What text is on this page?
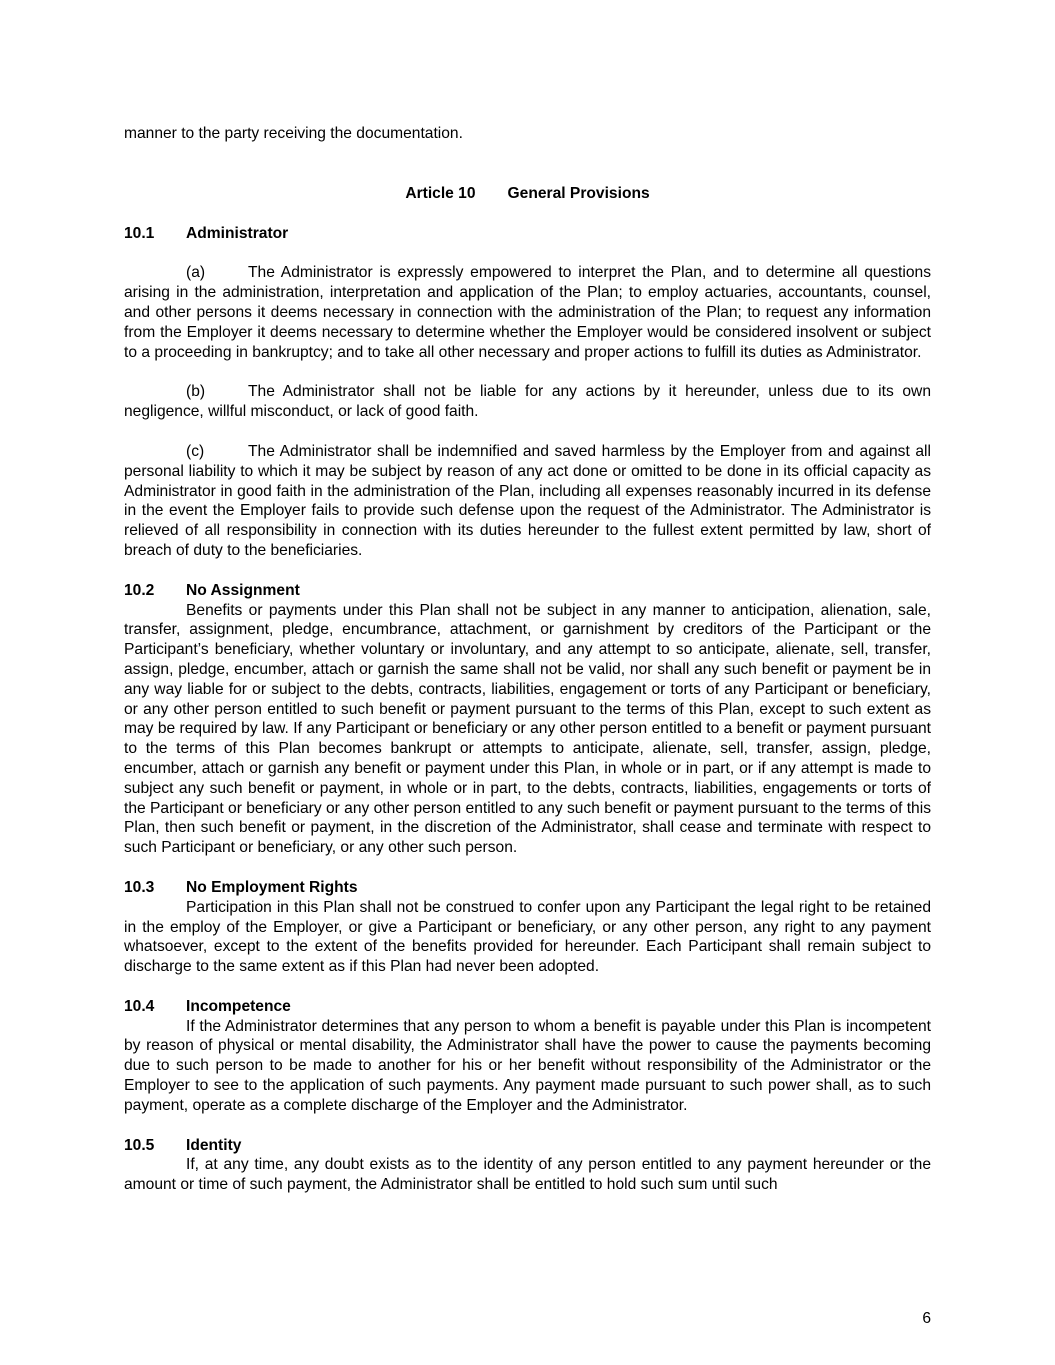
manner to the party receiving the documentation.

Article 10 General Provisions

10.1 Administrator

(a)	The Administrator is expressly empowered to interpret the Plan, and to determine all questions arising in the administration, interpretation and application of the Plan; to employ actuaries, accountants, counsel, and other persons it deems necessary in connection with the administration of the Plan; to request any information from the Employer it deems necessary to determine whether the Employer would be considered insolvent or subject to a proceeding in bankruptcy; and to take all other necessary and proper actions to fulfill its duties as Administrator.

(b)	The Administrator shall not be liable for any actions by it hereunder, unless due to its own negligence, willful misconduct, or lack of good faith.

(c)	The Administrator shall be indemnified and saved harmless by the Employer from and against all personal liability to which it may be subject by reason of any act done or omitted to be done in its official capacity as Administrator in good faith in the administration of the Plan, including all expenses reasonably incurred in its defense in the event the Employer fails to provide such defense upon the request of the Administrator. The Administrator is relieved of all responsibility in connection with its duties hereunder to the fullest extent permitted by law, short of breach of duty to the beneficiaries.

10.2 No Assignment

Benefits or payments under this Plan shall not be subject in any manner to anticipation, alienation, sale, transfer, assignment, pledge, encumbrance, attachment, or garnishment by creditors of the Participant or the Participant’s beneficiary, whether voluntary or involuntary, and any attempt to so anticipate, alienate, sell, transfer, assign, pledge, encumber, attach or garnish the same shall not be valid, nor shall any such benefit or payment be in any way liable for or subject to the debts, contracts, liabilities, engagement or torts of any Participant or beneficiary, or any other person entitled to such benefit or payment pursuant to the terms of this Plan, except to such extent as may be required by law. If any Participant or beneficiary or any other person entitled to a benefit or payment pursuant to the terms of this Plan becomes bankrupt or attempts to anticipate, alienate, sell, transfer, assign, pledge, encumber, attach or garnish any benefit or payment under this Plan, in whole or in part, or if any attempt is made to subject any such benefit or payment, in whole or in part, to the debts, contracts, liabilities, engagements or torts of the Participant or beneficiary or any other person entitled to any such benefit or payment pursuant to the terms of this Plan, then such benefit or payment, in the discretion of the Administrator, shall cease and terminate with respect to such Participant or beneficiary, or any other such person.

10.3 No Employment Rights

Participation in this Plan shall not be construed to confer upon any Participant the legal right to be retained in the employ of the Employer, or give a Participant or beneficiary, or any other person, any right to any payment whatsoever, except to the extent of the benefits provided for hereunder. Each Participant shall remain subject to discharge to the same extent as if this Plan had never been adopted.

10.4 Incompetence

If the Administrator determines that any person to whom a benefit is payable under this Plan is incompetent by reason of physical or mental disability, the Administrator shall have the power to cause the payments becoming due to such person to be made to another for his or her benefit without responsibility of the Administrator or the Employer to see to the application of such payments. Any payment made pursuant to such power shall, as to such payment, operate as a complete discharge of the Employer and the Administrator.

10.5 Identity

If, at any time, any doubt exists as to the identity of any person entitled to any payment hereunder or the amount or time of such payment, the Administrator shall be entitled to hold such sum until such

6
